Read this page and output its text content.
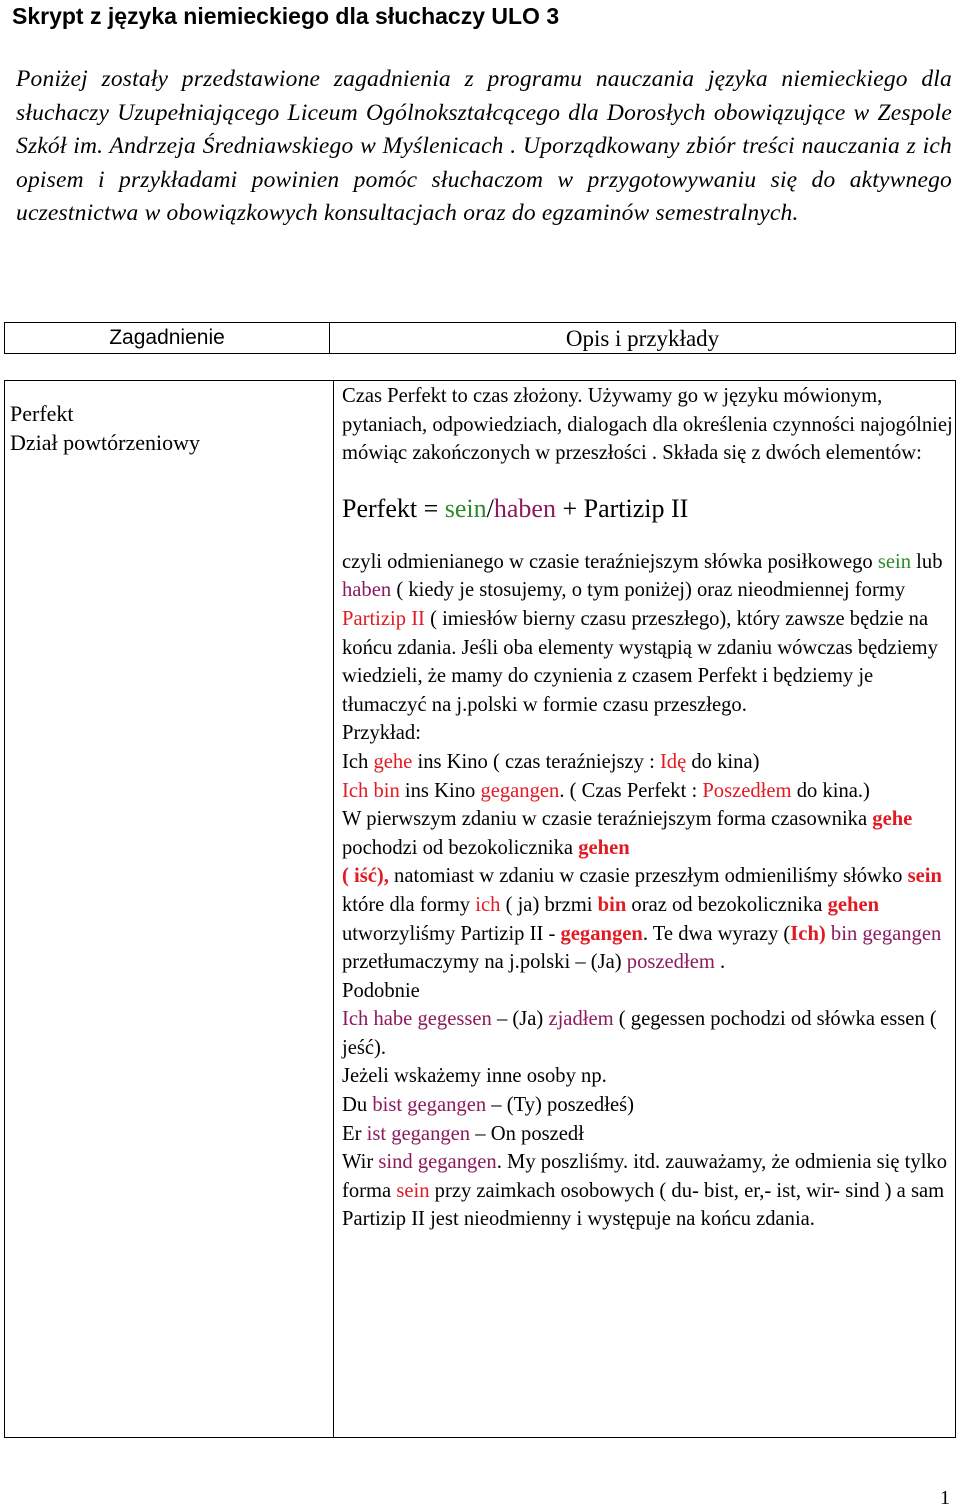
Skrypt z języka niemieckiego dla słuchaczy ULO 3
Poniżej zostały przedstawione zagadnienia z programu nauczania języka niemieckiego dla słuchaczy Uzupełniającego Liceum Ogólnokształcącego dla Dorosłych obowiązujące w Zespole Szkół im. Andrzeja Średniawskiego w Myślenicach . Uporządkowany zbiór treści nauczania z ich opisem i przykładami powinien pomóc słuchaczom w przygotowywaniu się do aktywnego uczestnictwa w obowiązkowych konsultacjach oraz do egzaminów semestralnych.
Zagadnienie	Opis i przykłady
Perfekt
Dział powtórzeniowy

Czas Perfekt to czas złożony. Używamy go w języku mówionym, pytaniach, odpowiedziach, dialogach dla określenia czynności najogólniej mówiąc zakończonych w przeszłości . Składa się z dwóch elementów:

Perfekt = sein/haben + Partizip II

czyli odmienianego w czasie teraźniejszym słówka posiłkowego sein lub haben ( kiedy je stosujemy, o tym poniżej) oraz nieodmiennej formy Partizip II ( imiesłów bierny czasu przeszłego), który zawsze będzie na końcu zdania. Jeśli oba elementy wystąpią w zdaniu wówczas będziemy wiedzieli, że mamy do czynienia z czasem Perfekt i będziemy je tłumaczyć na j.polski w formie czasu przeszłego.

Przykład:

Ich gehe ins Kino ( czas teraźniejszy : Idę do kina)

Ich bin ins Kino gegangen. ( Czas Perfekt : Poszedłem do kina.)

W pierwszym zdaniu w czasie teraźniejszym forma czasownika gehe pochodzi od bezokolicznika gehen
( iść), natomiast w zdaniu w czasie przeszłym odmieniliśmy słówko sein które dla formy ich ( ja) brzmi bin oraz od bezokolicznika gehen utworzyliśmy Partizip II - gegangen. Te dwa wyrazy (Ich) bin gegangen przetłumaczymy na j.polski – (Ja) poszedłem .

Podobnie

Ich habe gegessen – (Ja) zjadłem ( gegessen pochodzi od słówka essen ( jeść).

Jeżeli wskażemy inne osoby np.

Du bist gegangen – (Ty) poszedłeś)

Er ist gegangen – On poszedł

Wir sind gegangen. My poszliśmy. itd. zauważamy, że odmienia się tylko forma sein przy zaimkach osobowych ( du- bist, er,- ist, wir- sind ) a sam Partizip II jest nieodmienny i występuje na końcu zdania.

1
